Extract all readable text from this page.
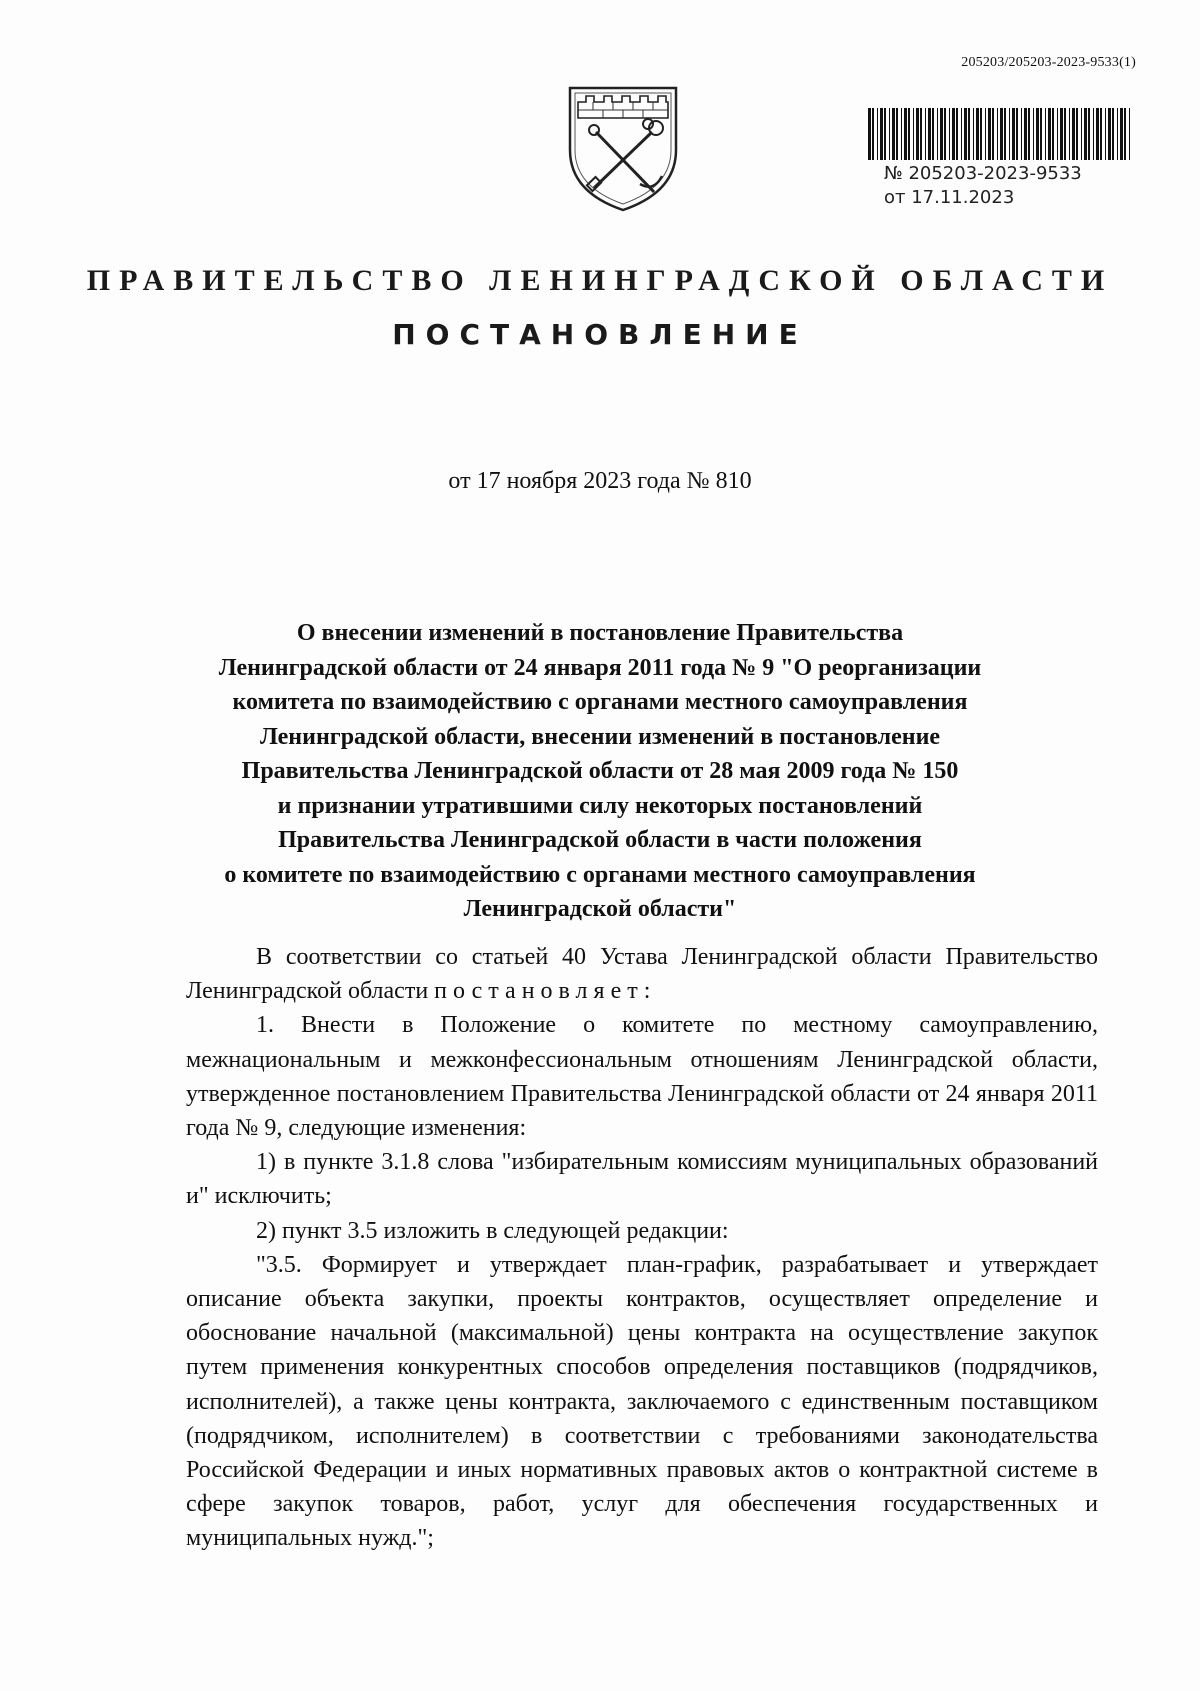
205203/205203-2023-9533(1)
№ 205203-2023-9533
от 17.11.2023
ПРАВИТЕЛЬСТВО ЛЕНИНГРАДСКОЙ ОБЛАСТИ
ПОСТАНОВЛЕНИЕ
от 17 ноября 2023 года № 810
О внесении изменений в постановление Правительства
Ленинградской области от 24 января 2011 года № 9 "О реорганизации
комитета по взаимодействию с органами местного самоуправления
Ленинградской области, внесении изменений в постановление
Правительства Ленинградской области от 28 мая 2009 года № 150
и признании утратившими силу некоторых постановлений
Правительства Ленинградской области в части положения
о комитете по взаимодействию с органами местного самоуправления
Ленинградской области"

В соответствии со статьей 40 Устава Ленинградской области Правительство Ленинградской области постановляет:

1. Внести в Положение о комитете по местному самоуправлению, межнациональным и межконфессиональным отношениям Ленинградской области, утвержденное постановлением Правительства Ленинградской области от 24 января 2011 года № 9, следующие изменения:

1) в пункте 3.1.8 слова "избирательным комиссиям муниципальных образований и" исключить;

2) пункт 3.5 изложить в следующей редакции:

"3.5. Формирует и утверждает план-график, разрабатывает и утверждает описание объекта закупки, проекты контрактов, осуществляет определение и обоснование начальной (максимальной) цены контракта на осуществление закупок путем применения конкурентных способов определения поставщиков (подрядчиков, исполнителей), а также цены контракта, заключаемого с единственным поставщиком (подрядчиком, исполнителем) в соответствии с требованиями законодательства Российской Федерации и иных нормативных правовых актов о контрактной системе в сфере закупок товаров, работ, услуг для обеспечения государственных и муниципальных нужд.";
